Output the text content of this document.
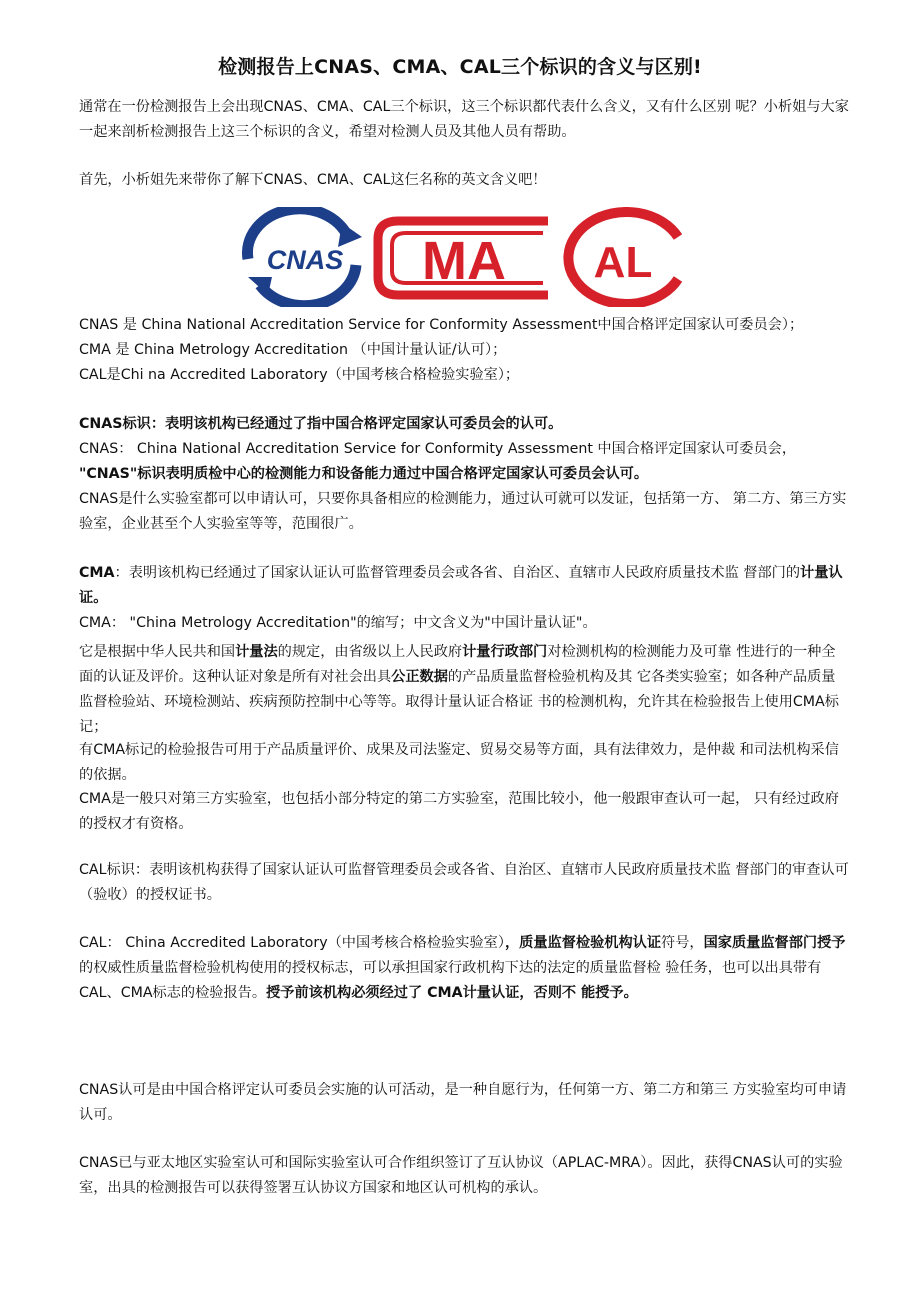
检测报告上CNAS、CMA、CAL三个标识的含义与区别!

通常在一份检测报告上会出现CNAS、CMA、CAL三个标识，这三个标识都代表什么含义，又有什么区别 呢？小析姐与大家一起来剖析检测报告上这三个标识的含义，希望对检测人员及其他人员有帮助。

首先，小析姐先来带你了解下CNAS、CMA、CAL这仨名称的英文含义吧！

CNAS MA AL

CNAS 是 China National Accreditation Service for Conformity Assessment中国合格评定国家认可委员会）；

CMA 是 China Metrology Accreditation （中国计量认证/认可）；

CAL是Chi na Accredited Laboratory（中国考核合格检验实验室）；

CNAS标识：表明该机构已经通过了指中国合格评定国家认可委员会的认可。

CNAS： China National Accreditation Service for Conformity Assessment 中国合格评定国家认可委员会，

"CNAS"标识表明质检中心的检测能力和设备能力通过中国合格评定国家认可委员会认可。

CNAS是什么实验室都可以申请认可，只要你具备相应的检测能力，通过认可就可以发证，包括第一方、 第二方、第三方实验室，企业甚至个人实验室等等，范围很广。

CMA：表明该机构已经通过了国家认证认可监督管理委员会或各省、自治区、直辖市人民政府质量技术监 督部门的计量认证。

CMA： "China Metrology Accreditation"的缩写；中文含义为"中国计量认证"。

它是根据中华人民共和国计量法的规定，由省级以上人民政府计量行政部门对检测机构的检测能力及可靠 性进行的一种全面的认证及评价。这种认证对象是所有对社会出具公正数据的产品质量监督检验机构及其 它各类实验室；如各种产品质量监督检验站、环境检测站、疾病预防控制中心等等。取得计量认证合格证 书的检测机构，允许其在检验报告上使用CMA标记；

有CMA标记的检验报告可用于产品质量评价、成果及司法鉴定、贸易交易等方面，具有法律效力，是仲裁 和司法机构采信的依据。

CMA是一般只对第三方实验室，也包括小部分特定的第二方实验室，范围比较小，他一般跟审查认可一起， 只有经过政府的授权才有资格。

CAL标识：表明该机构获得了国家认证认可监督管理委员会或各省、自治区、直辖市人民政府质量技术监 督部门的审查认可（验收）的授权证书。

CAL： China Accredited Laboratory（中国考核合格检验实验室），质量监督检验机构认证符号，国家质量监督部门授予的权威性质量监督检验机构使用的授权标志，可以承担国家行政机构下达的法定的质量监督检 验任务，也可以出具带有CAL、CMA标志的检验报告。授予前该机构必须经过了 CMA计量认证，否则不 能授予。

CNAS认可是由中国合格评定认可委员会实施的认可活动，是一种自愿行为，任何第一方、第二方和第三 方实验室均可申请认可。

CNAS已与亚太地区实验室认可和国际实验室认可合作组织签订了互认协议（APLAC-MRA）。因此，获得CNAS认可的实验室，出具的检测报告可以获得签署互认协议方国家和地区认可机构的承认。
